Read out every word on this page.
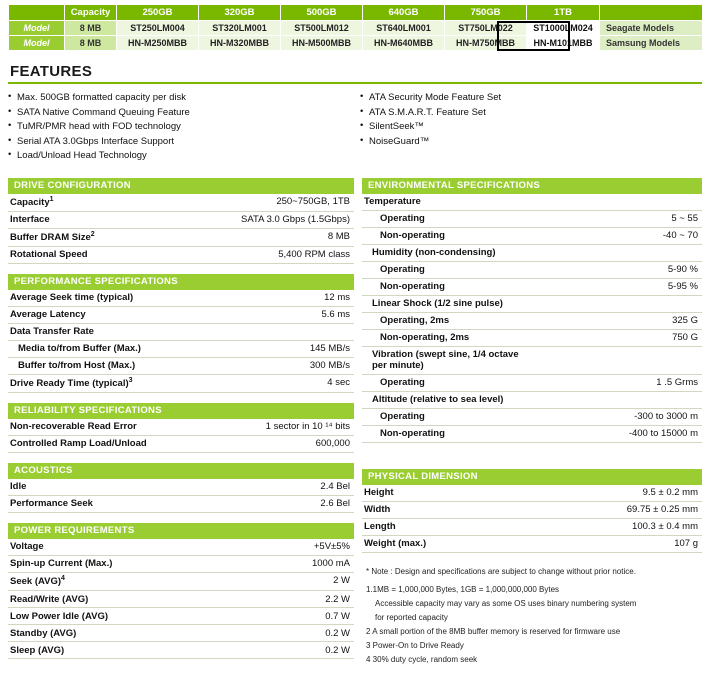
	Capacity	250GB	320GB	500GB	640GB	750GB	1TB	
Model	8 MB	ST250LM004	ST320LM001	ST500LM012	ST640LM001	ST750LM022	ST1000LM024	Seagate Models
Model	8 MB	HN-M250MBB	HN-M320MBB	HN-M500MBB	HN-M640MBB	HN-M750MBB	HN-M101MBB	Samsung Models
FEATURES
• Max. 500GB formatted capacity per disk
• SATA Native Command Queuing Feature
• TuMR/PMR head with FOD technology
• Serial ATA 3.0Gbps Interface Support
• Load/Unload Head Technology
• ATA Security Mode Feature Set
• ATA S.M.A.R.T. Feature Set
• SilentSeek™
• NoiseGuard™
DRIVE CONFIGURATION
Capacity$^1$	250~750GB, 1TB
Interface	SATA 3.0 Gbps (1.5Gbps)
Buffer DRAM Size$^2$	8 MB
Rotational Speed	5,400 RPM class
PERFORMANCE SPECIFICATIONS
Average Seek time (typical)	12 ms
Average Latency	5.6 ms
Data Transfer Rate	
Media to/from Buffer (Max.)	145 MB/s
Buffer to/from Host (Max.)	300 MB/s
Drive Ready Time (typical)$^3$	4 sec
RELIABILITY SPECIFICATIONS
Non-recoverable Read Error	1 sector in 10 ¹⁴ bits
Controlled Ramp Load/Unload	600,000
ACOUSTICS
Idle	2.4 Bel
Performance Seek	2.6 Bel
POWER REQUIREMENTS
Voltage	+5V±5%
Spin-up Current (Max.)	1000 mA
Seek (AVG)$^4$	2 W
Read/Write (AVG)	2.2 W
Low Power Idle (AVG)	0.7 W
Standby (AVG)	0.2 W
Sleep (AVG)	0.2 W
ENVIRONMENTAL SPECIFICATIONS
Temperature	
Operating	5 ~ 55
Non-operating	-40 ~ 70
Humidity (non-condensing)	
Operating	5-90 %
Non-operating	5-95 %
Linear Shock (1/2 sine pulse)	
Operating, 2ms	325 G
Non-operating, 2ms	750 G
Vibration (swept sine, 1/4 octave per minute)	
Operating	1 .5 Grms
Altitude (relative to sea level)	
Operating	-300 to 3000 m
Non-operating	-400 to 15000 m
PHYSICAL DIMENSION
Height	9.5 ± 0.2 mm
Width	69.75 ± 0.25 mm
Length	100.3 ± 0.4 mm
Weight (max.)	107 g
* Note : Design and specifications are subject to change without prior notice.
1.1MB = 1,000,000 Bytes, 1GB = 1,000,000,000 Bytes
Accessible capacity may vary as some OS uses binary numbering system
for reported capacity
2 A small portion of the 8MB buffer memory is reserved for firmware use
3 Power-On to Drive Ready
4 30% duty cycle, random seek
